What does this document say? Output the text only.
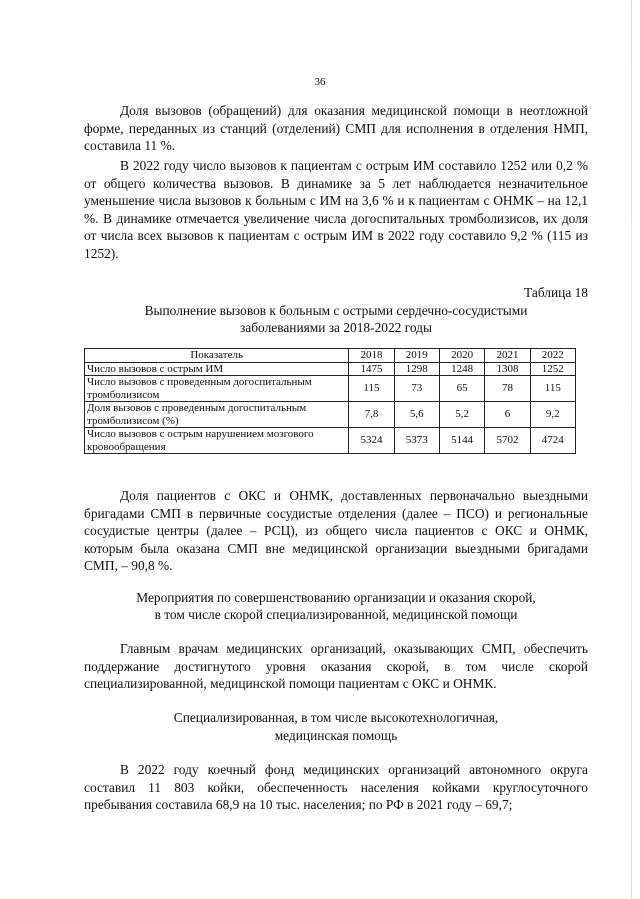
36

Доля вызовов (обращений) для оказания медицинской помощи в неотложной форме, переданных из станций (отделений) СМП для исполнения в отделения НМП, составила 11 %.

В 2022 году число вызовов к пациентам с острым ИМ составило 1252 или 0,2 % от общего количества вызовов. В динамике за 5 лет наблюдается незначительное уменьшение числа вызовов к больным с ИМ на 3,6 % и к пациентам с ОНМК – на 12,1 %. В динамике отмечается увеличение числа догоспитальных тромболизисов, их доля от числа всех вызовов к пациентам с острым ИМ в 2022 году составило 9,2 % (115 из 1252).

Таблица 18

Выполнение вызовов к больным с острыми сердечно-сосудистыми

заболеваниями за 2018-2022 годы

Показатель	2018	2019	2020	2021	2022
Число вызовов с острым ИМ	1475	1298	1248	1308	1252
Число вызовов с проведенным догоспитальным тромболизисом	115	73	65	78	115
Доля вызовов с проведенным догоспитальным тромболизисом (%)	7,8	5,6	5,2	6	9,2
Число вызовов с острым нарушением мозгового кровообращения	5324	5373	5144	5702	4724

Доля пациентов с ОКС и ОНМК, доставленных первоначально выездными бригадами СМП в первичные сосудистые отделения (далее – ПСО) и региональные сосудистые центры (далее – РСЦ), из общего числа пациентов с ОКС и ОНМК, которым была оказана СМП вне медицинской организации выездными бригадами СМП, – 90,8 %.

Мероприятия по совершенствованию организации и оказания скорой,

в том числе скорой специализированной, медицинской помощи

Главным врачам медицинских организаций, оказывающих СМП, обеспечить поддержание достигнутого уровня оказания скорой, в том числе скорой специализированной, медицинской помощи пациентам с ОКС и ОНМК.

Специализированная, в том числе высокотехнологичная,

медицинская помощь

В 2022 году коечный фонд медицинских организаций автономного округа составил 11 803 койки, обеспеченность населения койками круглосуточного пребывания составила 68,9 на 10 тыс. населения; по РФ в 2021 году – 69,7;
